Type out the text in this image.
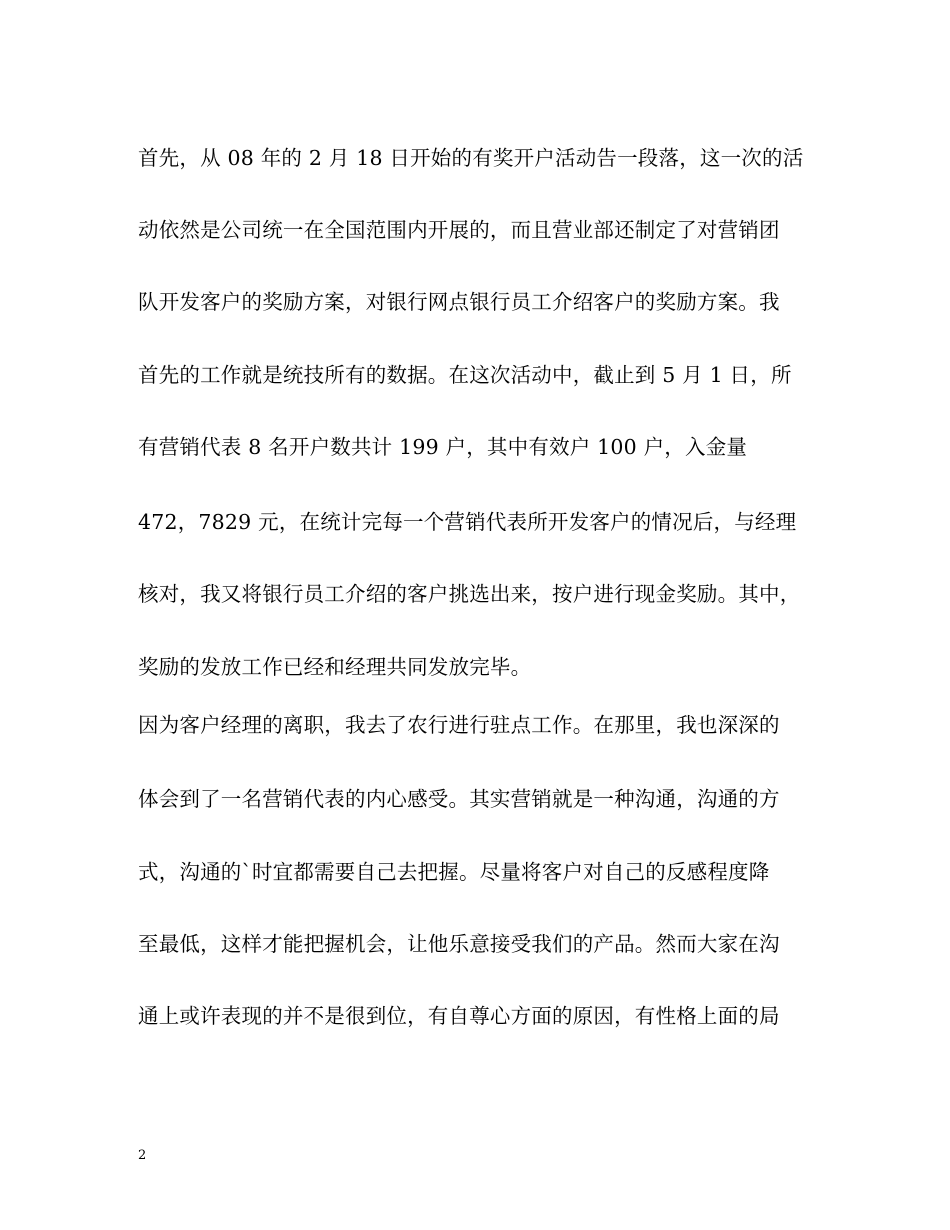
首先，从 08 年的 2 月 18 日开始的有奖开户活动告一段落，这一次的活
动依然是公司统一在全国范围内开展的，而且营业部还制定了对营销团
队开发客户的奖励方案，对银行网点银行员工介绍客户的奖励方案。我
首先的工作就是统技所有的数据。在这次活动中，截止到 5 月 1 日，所
有营销代表 8 名开户数共计 199 户，其中有效户 100 户，入金量
472，7829 元，在统计完每一个营销代表所开发客户的情况后，与经理
核对，我又将银行员工介绍的客户挑选出来，按户进行现金奖励。其中，
奖励的发放工作已经和经理共同发放完毕。
因为客户经理的离职，我去了农行进行驻点工作。在那里，我也深深的
体会到了一名营销代表的内心感受。其实营销就是一种沟通，沟通的方
式，沟通的`时宜都需要自己去把握。尽量将客户对自己的反感程度降
至最低，这样才能把握机会，让他乐意接受我们的产品。然而大家在沟
通上或许表现的并不是很到位，有自尊心方面的原因，有性格上面的局
2
